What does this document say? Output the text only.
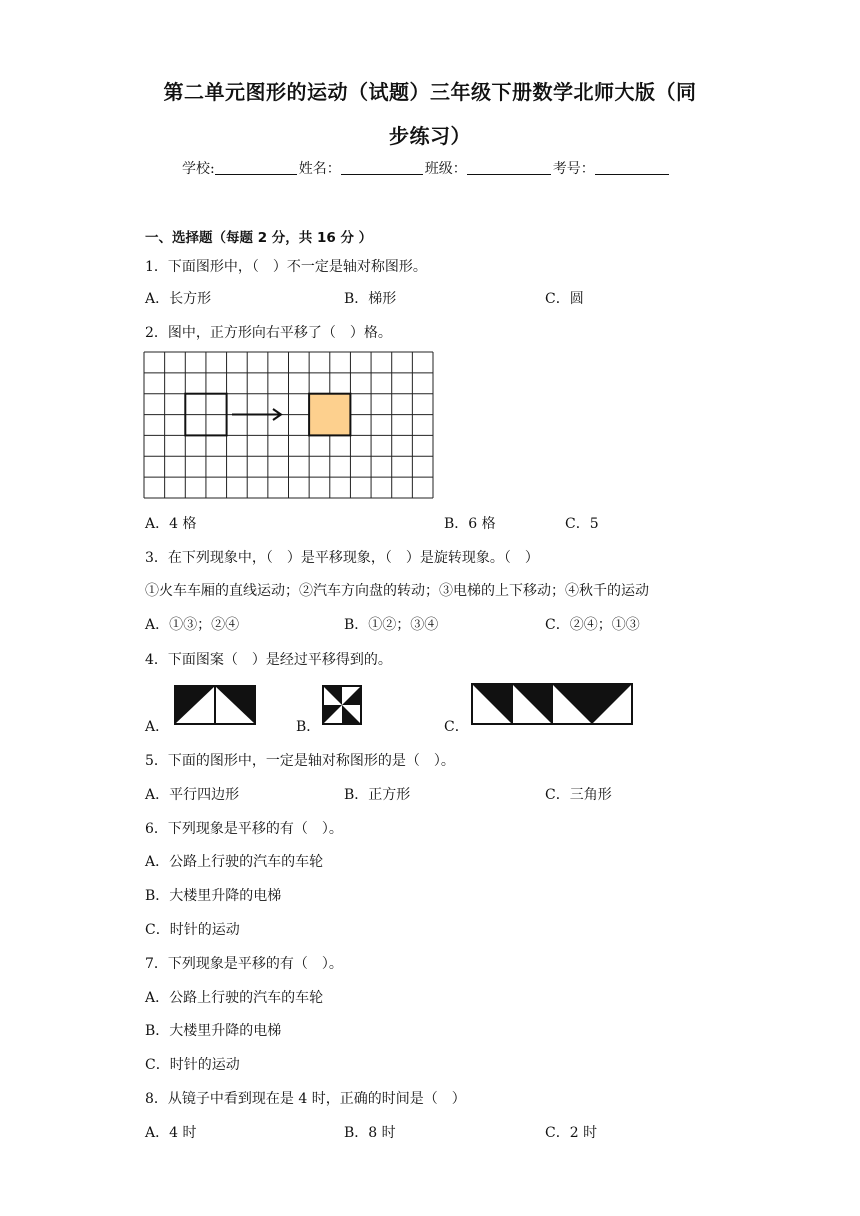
第二单元图形的运动（试题）三年级下册数学北师大版（同
步练习）
学校:	姓名：	班级：	考号：
一、选择题（每题 2 分，共 16 分 ）
1．下面图形中，（　）不一定是轴对称图形。
A．长方形	B．梯形	C．圆
2．图中，正方形向右平移了（　）格。
A．4 格	B．6 格	C．5
3．在下列现象中，（　）是平移现象，（　）是旋转现象。（　）
①火车车厢的直线运动；②汽车方向盘的转动；③电梯的上下移动；④秋千的运动
A．①③；②④	B．①②；③④	C．②④；①③
4．下面图案（　）是经过平移得到的。
A．	B．	C．
5．下面的图形中，一定是轴对称图形的是（　）。
A．平行四边形	B．正方形	C．三角形
6．下列现象是平移的有（　）。
A．公路上行驶的汽车的车轮
B．大楼里升降的电梯
C．时针的运动
7．下列现象是平移的有（　）。
A．公路上行驶的汽车的车轮
B．大楼里升降的电梯
C．时针的运动
8．从镜子中看到现在是 4 时，正确的时间是（　）
A．4 时	B．8 时	C．2 时
